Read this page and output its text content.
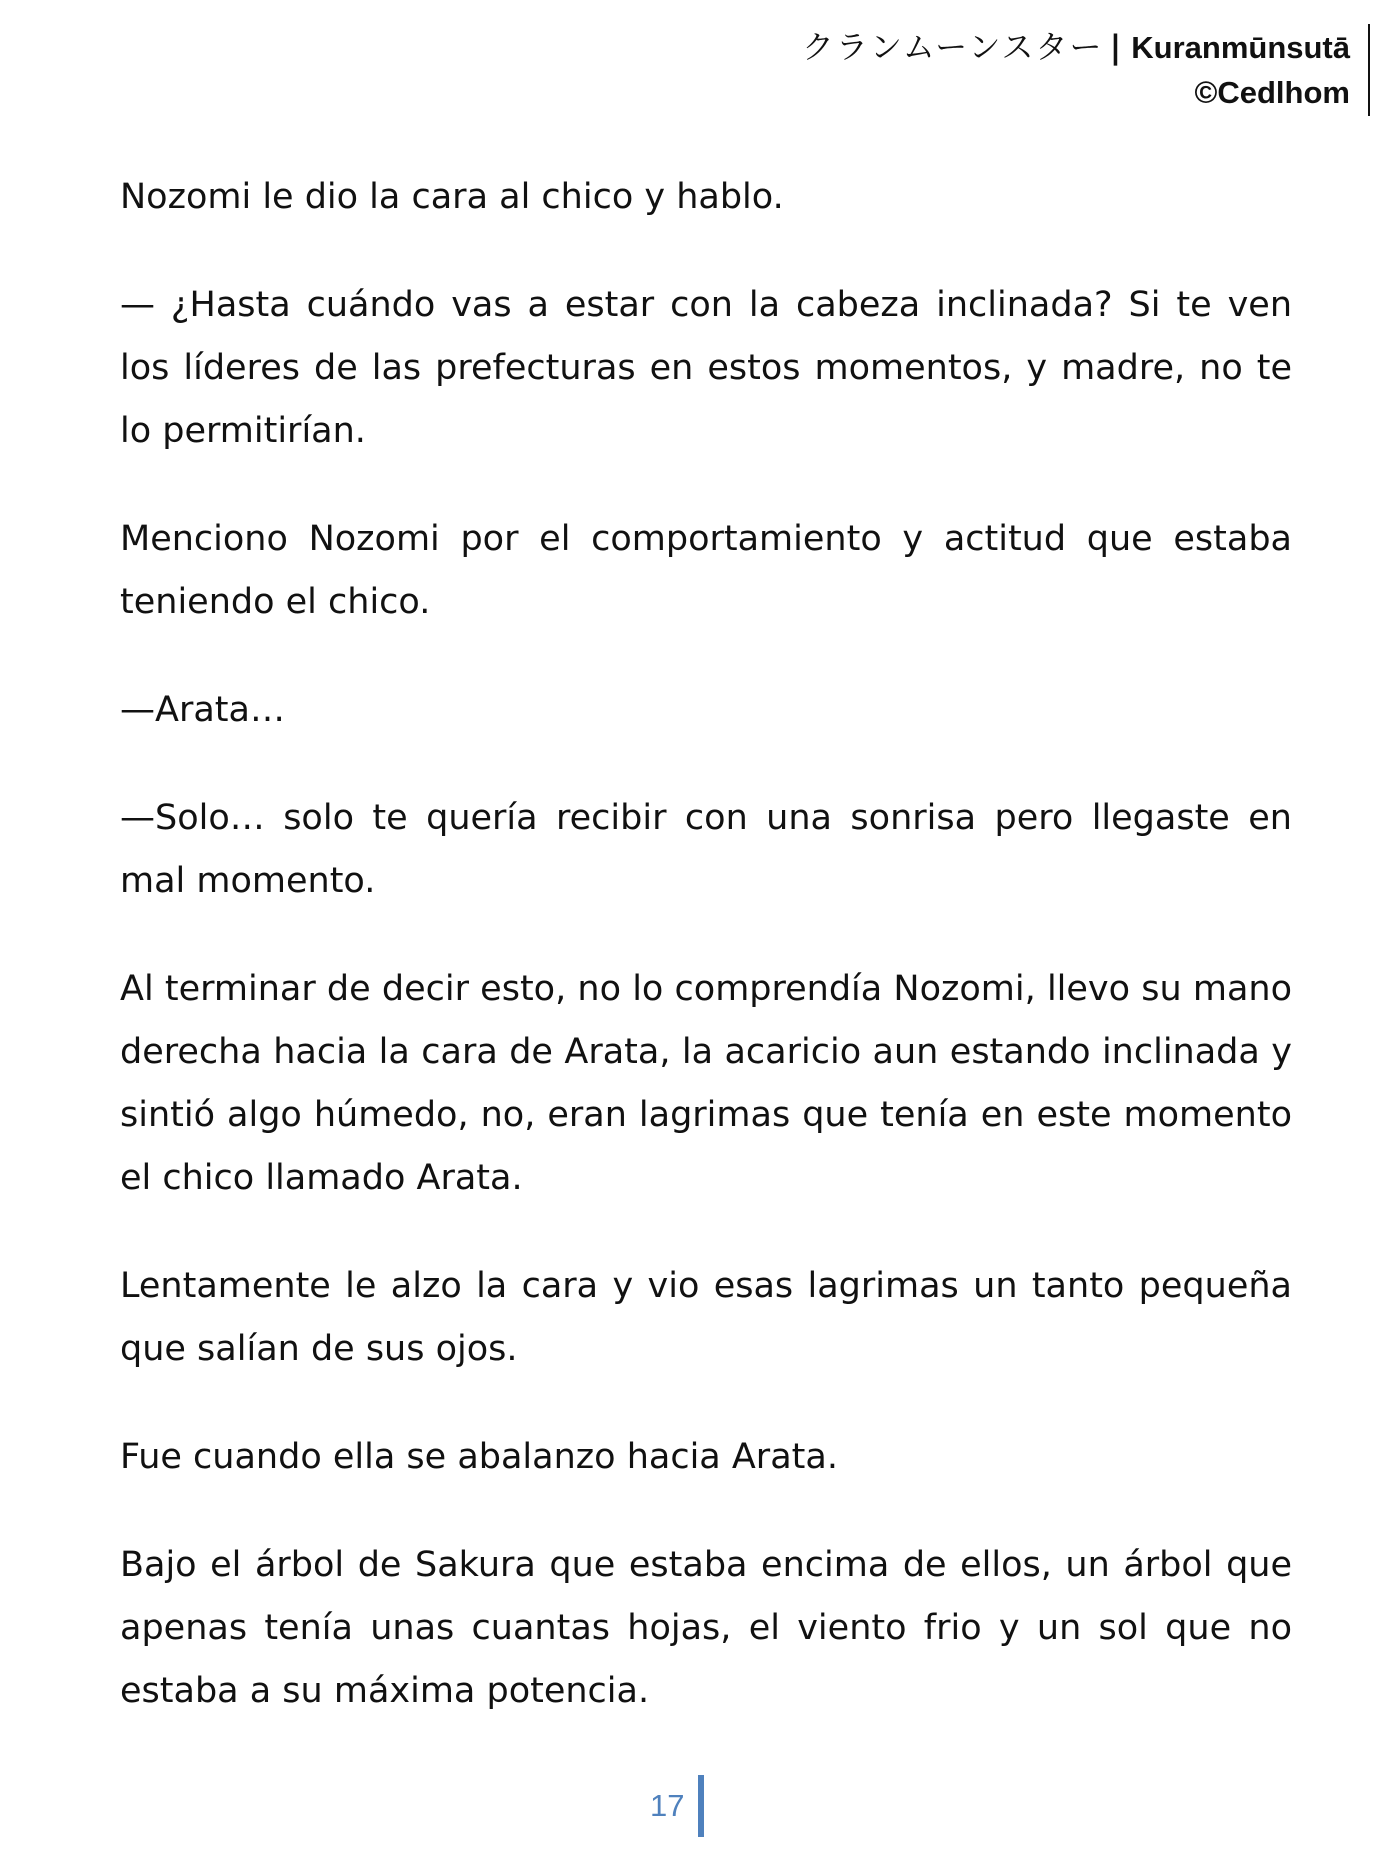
クランムーンスター | Kuranmūnsutā
©Cedlhom

Nozomi le dio la cara al chico y hablo.

— ¿Hasta cuándo vas a estar con la cabeza inclinada? Si te ven los líderes de las prefecturas en estos momentos, y madre, no te lo permitirían.

Menciono Nozomi por el comportamiento y actitud que estaba teniendo el chico.

—Arata…

—Solo… solo te quería recibir con una sonrisa pero llegaste en mal momento.

Al terminar de decir esto, no lo comprendía Nozomi, llevo su mano derecha hacia la cara de Arata, la acaricio aun estando inclinada y sintió algo húmedo, no, eran lagrimas que tenía en este momento el chico llamado Arata.

Lentamente le alzo la cara y vio esas lagrimas un tanto pequeña que salían de sus ojos.

Fue cuando ella se abalanzo hacia Arata.

Bajo el árbol de Sakura que estaba encima de ellos, un árbol que apenas tenía unas cuantas hojas, el viento frio y un sol que no estaba a su máxima potencia.

17
